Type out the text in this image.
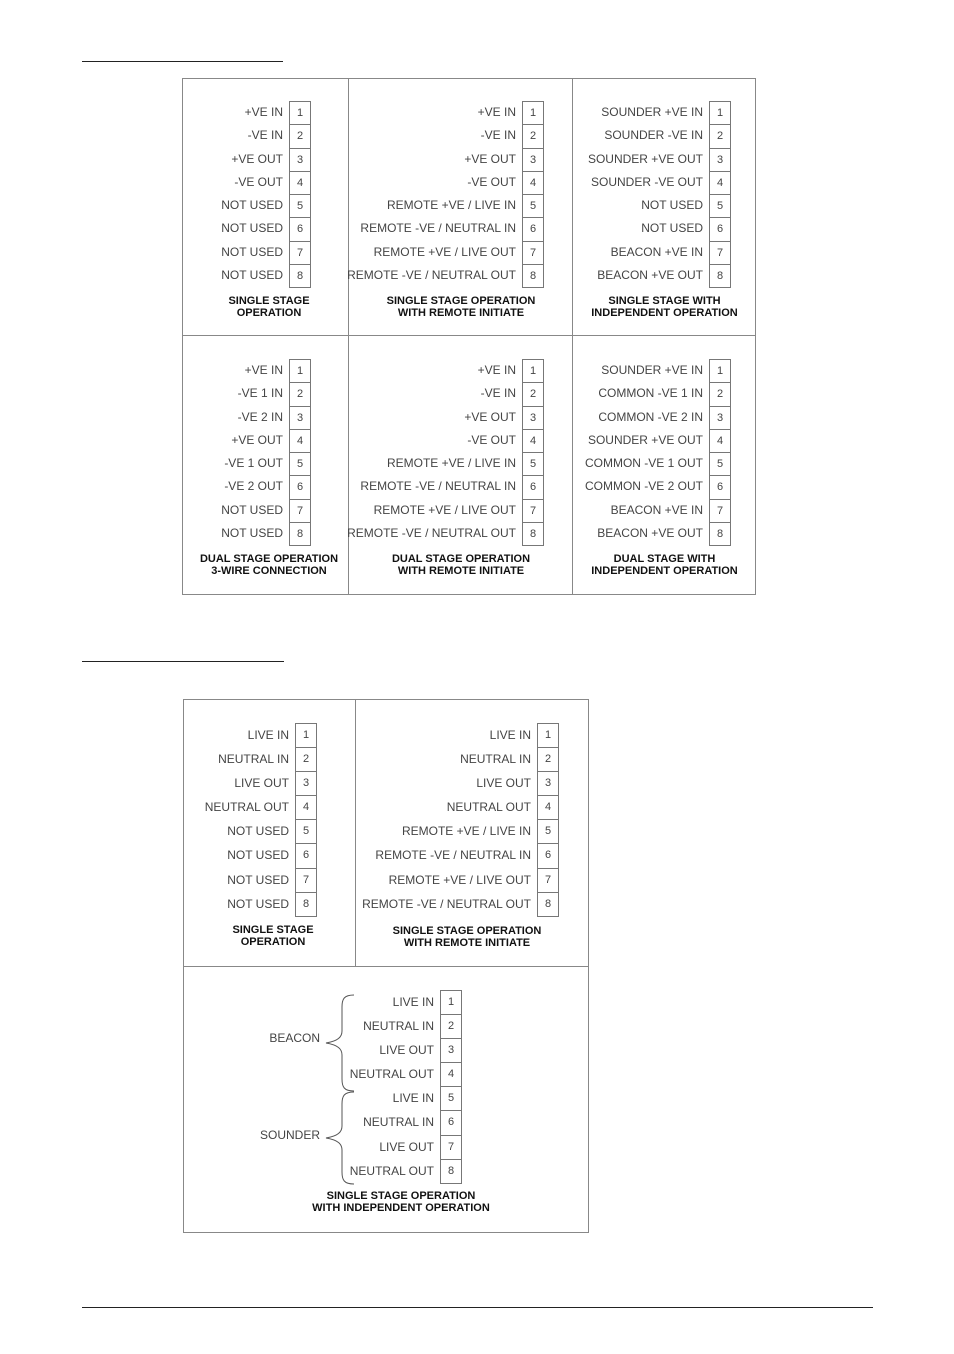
+VE IN	1
-VE IN	2
+VE OUT	3
-VE OUT	4
NOT USED	5
NOT USED	6
NOT USED	7
NOT USED	8
SINGLE STAGE
OPERATION
+VE IN	1
-VE IN	2
+VE OUT	3
-VE OUT	4
REMOTE +VE / LIVE IN	5
REMOTE -VE / NEUTRAL IN	6
REMOTE +VE / LIVE OUT	7
REMOTE -VE / NEUTRAL OUT	8
SINGLE STAGE OPERATION
WITH REMOTE INITIATE
SOUNDER +VE IN	1
SOUNDER -VE IN	2
SOUNDER +VE OUT	3
SOUNDER -VE OUT	4
NOT USED	5
NOT USED	6
BEACON +VE IN	7
BEACON +VE OUT	8
SINGLE STAGE WITH
INDEPENDENT OPERATION
+VE IN	1
-VE 1 IN	2
-VE 2 IN	3
+VE OUT	4
-VE 1 OUT	5
-VE 2 OUT	6
NOT USED	7
NOT USED	8
DUAL STAGE OPERATION
3-WIRE CONNECTION
+VE IN	1
-VE IN	2
+VE OUT	3
-VE OUT	4
REMOTE +VE / LIVE IN	5
REMOTE -VE / NEUTRAL IN	6
REMOTE +VE / LIVE OUT	7
REMOTE -VE / NEUTRAL OUT	8
DUAL STAGE OPERATION
WITH REMOTE INITIATE
SOUNDER +VE IN	1
COMMON -VE 1 IN	2
COMMON -VE 2 IN	3
SOUNDER +VE OUT	4
COMMON -VE 1 OUT	5
COMMON -VE 2 OUT	6
BEACON +VE IN	7
BEACON +VE OUT	8
DUAL STAGE WITH
INDEPENDENT OPERATION
LIVE IN	1
NEUTRAL IN	2
LIVE OUT	3
NEUTRAL OUT	4
NOT USED	5
NOT USED	6
NOT USED	7
NOT USED	8
SINGLE STAGE
OPERATION
LIVE IN	1
NEUTRAL IN	2
LIVE OUT	3
NEUTRAL OUT	4
REMOTE +VE / LIVE IN	5
REMOTE -VE / NEUTRAL IN	6
REMOTE +VE / LIVE OUT	7
REMOTE -VE / NEUTRAL OUT	8
SINGLE STAGE OPERATION
WITH REMOTE INITIATE
LIVE IN	1
NEUTRAL IN	2
LIVE OUT	3
NEUTRAL OUT	4
LIVE IN	5
NEUTRAL IN	6
LIVE OUT	7
NEUTRAL OUT	8
BEACON
SOUNDER
SINGLE STAGE OPERATION
WITH INDEPENDENT OPERATION
